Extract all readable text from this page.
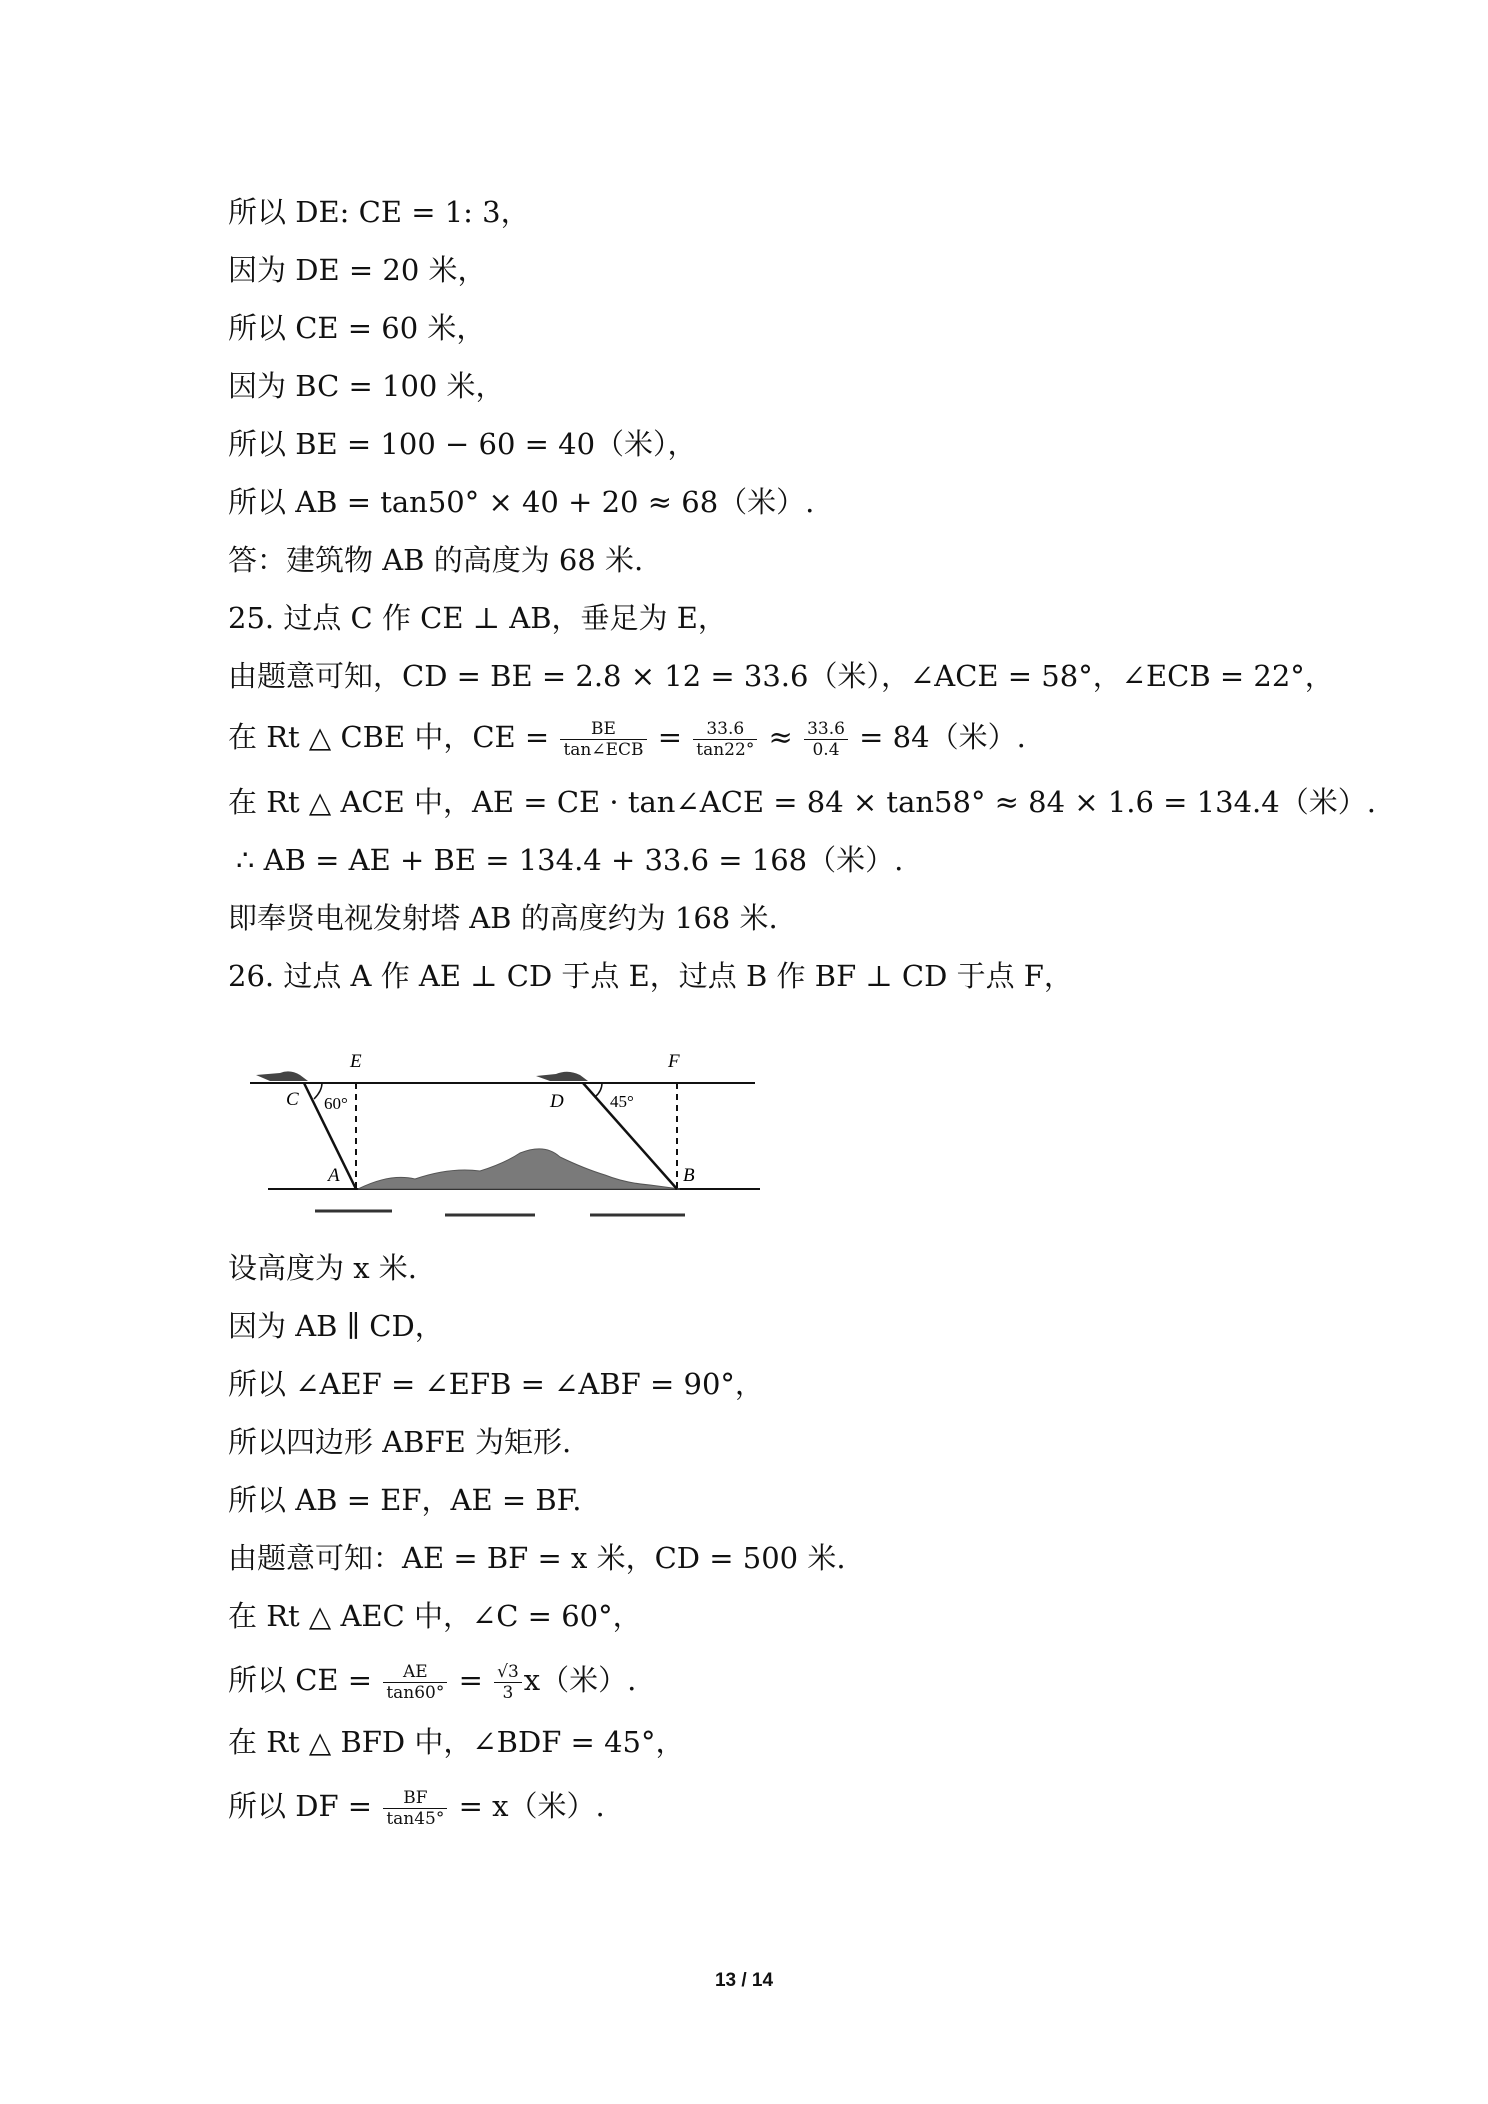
所以 DE: CE = 1: 3，
因为 DE = 20 米，
所以 CE = 60 米，
因为 BC = 100 米，
所以 BE = 100 − 60 = 40（米），
所以 AB = tan50° × 40 + 20 ≈ 68（米）.
答：建筑物 AB 的高度为 68 米.
25. 过点 C 作 CE ⊥ AB，垂足为 E，
由题意可知，CD = BE = 2.8 × 12 = 33.6（米），∠ACE = 58°，∠ECB = 22°，
在 Rt △ CBE 中，CE = $\frac{BE}{\text{tan∠ECB}} = \frac{33.6}{\tan 22^\circ} \approx \frac{33.6}{0.4} = 84$（米）.
在 Rt △ ACE 中，AE = CE · tan∠ACE = 84 × tan58° ≈ 84 × 1.6 = 134.4（米）.
∴ AB = AE + BE = 134.4 + 33.6 = 168（米）.
即奉贤电视发射塔 AB 的高度约为 168 米.
26. 过点 A 作 AE ⊥ CD 于点 E，过点 B 作 BF ⊥ CD 于点 F，
设高度为 x 米.
因为 AB ∥ CD，
所以 ∠AEF = ∠EFB = ∠ABF = 90°，
所以四边形 ABFE 为矩形.
所以 AB = EF，AE = BF.
由题意可知：AE = BF = x 米，CD = 500 米.
在 Rt △ AEC 中，∠C = 60°，
所以 CE = $\frac{AE}{\tan 60^\circ} = \frac{√3}{3} x$（米）.
在 Rt △ BFD 中，∠BDF = 45°，
所以 DF = $\frac{BF}{\tan 45^\circ} = x$（米）.
E	F
C	D
A	B
60°	45°
13 / 14
